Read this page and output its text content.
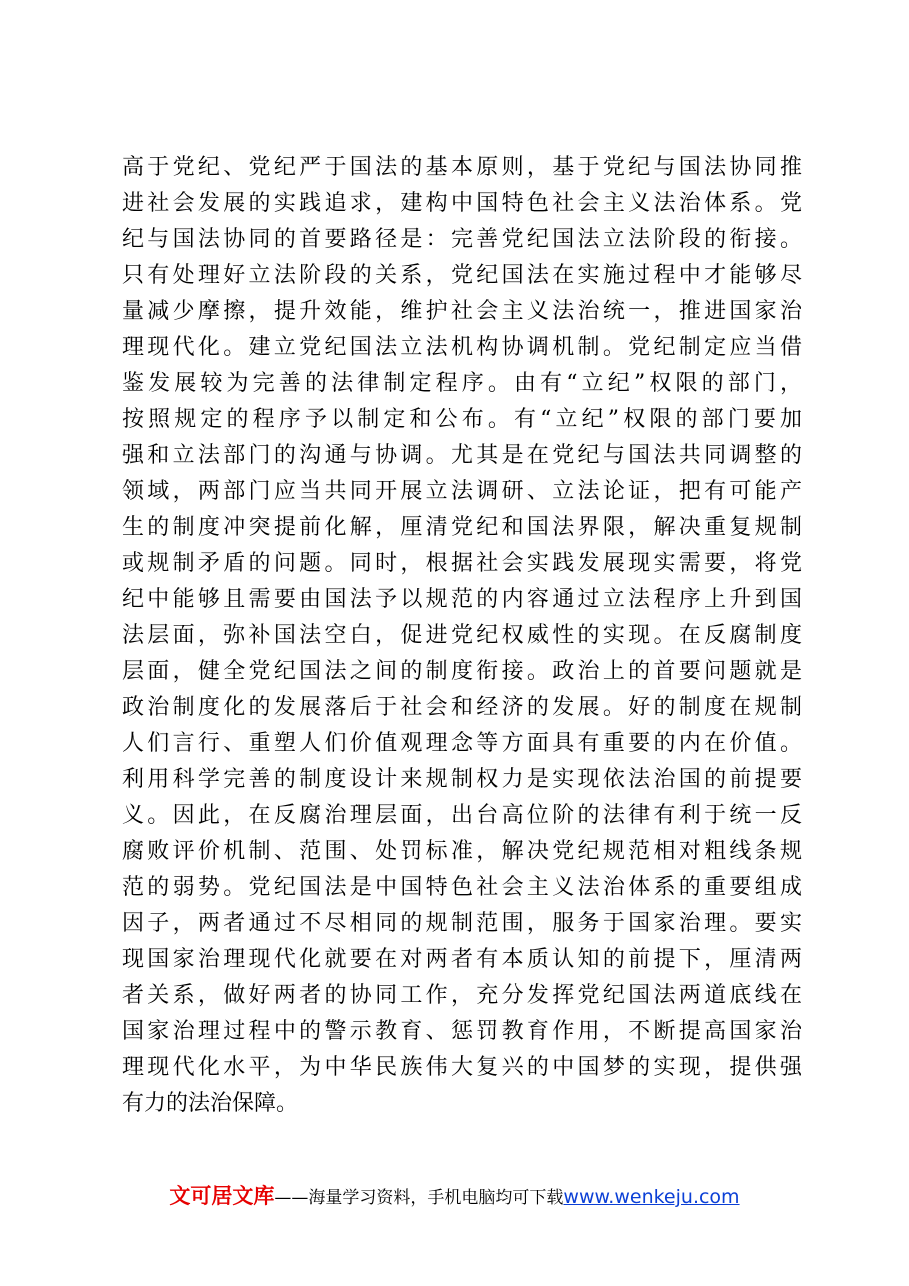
高于党纪、党纪严于国法的基本原则，基于党纪与国法协同推
进社会发展的实践追求，建构中国特色社会主义法治体系。党
纪与国法协同的首要路径是：完善党纪国法立法阶段的衔接。
只有处理好立法阶段的关系，党纪国法在实施过程中才能够尽
量减少摩擦，提升效能，维护社会主义法治统一，推进国家治
理现代化。建立党纪国法立法机构协调机制。党纪制定应当借
鉴发展较为完善的法律制定程序。由有“立纪”权限的部门，
按照规定的程序予以制定和公布。有“立纪”权限的部门要加
强和立法部门的沟通与协调。尤其是在党纪与国法共同调整的
领域，两部门应当共同开展立法调研、立法论证，把有可能产
生的制度冲突提前化解，厘清党纪和国法界限，解决重复规制
或规制矛盾的问题。同时，根据社会实践发展现实需要，将党
纪中能够且需要由国法予以规范的内容通过立法程序上升到国
法层面，弥补国法空白，促进党纪权威性的实现。在反腐制度
层面，健全党纪国法之间的制度衔接。政治上的首要问题就是
政治制度化的发展落后于社会和经济的发展。好的制度在规制
人们言行、重塑人们价值观理念等方面具有重要的内在价值。
利用科学完善的制度设计来规制权力是实现依法治国的前提要
义。因此，在反腐治理层面，出台高位阶的法律有利于统一反
腐败评价机制、范围、处罚标准，解决党纪规范相对粗线条规
范的弱势。党纪国法是中国特色社会主义法治体系的重要组成
因子，两者通过不尽相同的规制范围，服务于国家治理。要实
现国家治理现代化就要在对两者有本质认知的前提下，厘清两
者关系，做好两者的协同工作，充分发挥党纪国法两道底线在
国家治理过程中的警示教育、惩罚教育作用，不断提高国家治
理现代化水平，为中华民族伟大复兴的中国梦的实现，提供强
有力的法治保障。
文可居文库——海量学习资料，手机电脑均可下载www.wenkeju.com
